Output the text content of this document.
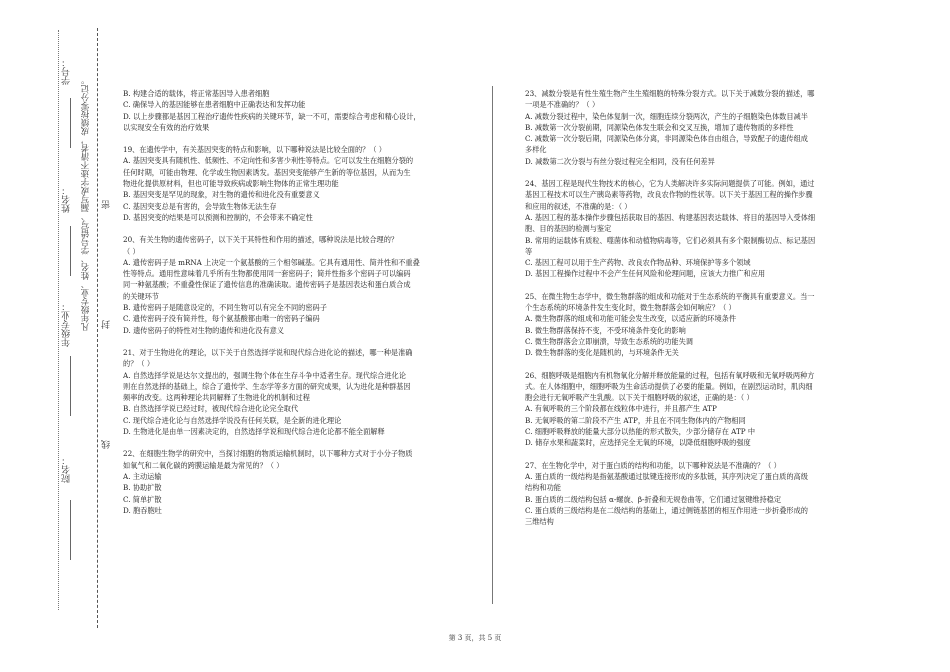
学号：
姓名：
年级专业：
院名：
凡年级专业、姓名、学号错写、漏写或字迹不清者，成绩按零分记。 密
封
线
B. 构建合适的载体，将正常基因导入患者细胞
C. 确保导入的基因能够在患者细胞中正确表达和发挥功能
D. 以上步骤都是基因工程治疗遗传性疾病的关键环节，缺一不可，需要综合考虑和精心设计，
以实现安全有效的治疗效果
19、在遗传学中，有关基因突变的特点和影响，以下哪种说法是比较全面的？（ ）
A. 基因突变具有随机性、低频性、不定向性和多害少利性等特点。它可以发生在细胞分裂的
任何时期，可能由物理、化学或生物因素诱发。基因突变能够产生新的等位基因，从而为生
物进化提供原材料，但也可能导致疾病或影响生物体的正常生理功能
B. 基因突变是罕见的现象，对生物的遗传和进化没有重要意义
C. 基因突变总是有害的，会导致生物体无法生存
D. 基因突变的结果是可以预测和控制的，不会带来不确定性
20、有关生物的遗传密码子，以下关于其特性和作用的描述，哪种说法是比较合理的？
（ ）
A. 遗传密码子是 mRNA 上决定一个氨基酸的三个相邻碱基。它具有通用性、简并性和不重叠
性等特点。通用性意味着几乎所有生物都使用同一套密码子；简并性指多个密码子可以编码
同一种氨基酸；不重叠性保证了遗传信息的准确读取。遗传密码子是基因表达和蛋白质合成
的关键环节
B. 遗传密码子是随意设定的，不同生物可以有完全不同的密码子
C. 遗传密码子没有简并性，每个氨基酸都由唯一的密码子编码
D. 遗传密码子的特性对生物的遗传和进化没有意义
21、对于生物进化的理论，以下关于自然选择学说和现代综合进化论的描述，哪一种是准确
的？（ ）
A. 自然选择学说是达尔文提出的，强调生物个体在生存斗争中适者生存。现代综合进化论
则在自然选择的基础上，综合了遗传学、生态学等多方面的研究成果，认为进化是种群基因
频率的改变。这两种理论共同解释了生物进化的机制和过程
B. 自然选择学说已经过时，被现代综合进化论完全取代
C. 现代综合进化论与自然选择学说没有任何关联，是全新的进化理论
D. 生物进化是由单一因素决定的，自然选择学说和现代综合进化论都不能全面解释
22、在细胞生物学的研究中，当探讨细胞的物质运输机制时，以下哪种方式对于小分子物质
如氧气和二氧化碳的跨膜运输是最为常见的？（ ）
A. 主动运输
B. 协助扩散
C. 简单扩散
D. 胞吞胞吐
23、减数分裂是有性生殖生物产生生殖细胞的特殊分裂方式。以下关于减数分裂的描述，哪
一项是不准确的？（ ）
A. 减数分裂过程中，染色体复制一次，细胞连续分裂两次，产生的子细胞染色体数目减半
B. 减数第一次分裂前期，同源染色体发生联会和交叉互换，增加了遗传物质的多样性
C. 减数第一次分裂后期，同源染色体分离，非同源染色体自由组合，导致配子的遗传组成
多样化
D. 减数第二次分裂与有丝分裂过程完全相同，没有任何差异
24、基因工程是现代生物技术的核心，它为人类解决许多实际问题提供了可能。例如，通过
基因工程技术可以生产胰岛素等药物，改良农作物的性状等。以下关于基因工程的操作步骤
和应用的叙述，不准确的是：（ ）
A. 基因工程的基本操作步骤包括获取目的基因、构建基因表达载体、将目的基因导入受体细
胞、目的基因的检测与鉴定
B. 常用的运载体有质粒、噬菌体和动植物病毒等，它们必须具有多个限制酶切点、标记基因
等
C. 基因工程可以用于生产药物、改良农作物品种、环境保护等多个领域
D. 基因工程操作过程中不会产生任何风险和伦理问题，应该大力推广和应用
25、在微生物生态学中，微生物群落的组成和功能对于生态系统的平衡具有重要意义。当一
个生态系统的环境条件发生变化时，微生物群落会如何响应？（ ）
A. 微生物群落的组成和功能可能会发生改变，以适应新的环境条件
B. 微生物群落保持不变，不受环境条件变化的影响
C. 微生物群落会立即崩溃，导致生态系统的功能失调
D. 微生物群落的变化是随机的，与环境条件无关
26、细胞呼吸是细胞内有机物氧化分解并释放能量的过程，包括有氧呼吸和无氧呼吸两种方
式。在人体细胞中，细胞呼吸为生命活动提供了必要的能量。例如，在剧烈运动时，肌肉细
胞会进行无氧呼吸产生乳酸。以下关于细胞呼吸的叙述，正确的是：（ ）
A. 有氧呼吸的三个阶段都在线粒体中进行，并且都产生 ATP
B. 无氧呼吸的第二阶段不产生 ATP，并且在不同生物体内的产物相同
C. 细胞呼吸释放的能量大部分以热能的形式散失，少部分储存在 ATP 中
D. 储存水果和蔬菜时，应选择完全无氧的环境，以降低细胞呼吸的强度
27、在生物化学中，对于蛋白质的结构和功能，以下哪种说法是不准确的？（ ）
A. 蛋白质的一级结构是指氨基酸通过肽键连接形成的多肽链，其序列决定了蛋白质的高级
结构和功能
B. 蛋白质的二级结构包括 α-螺旋、β-折叠和无规卷曲等，它们通过氢键维持稳定
C. 蛋白质的三级结构是在二级结构的基础上，通过侧链基团的相互作用进一步折叠形成的
三维结构
第 3 页，共 5 页
